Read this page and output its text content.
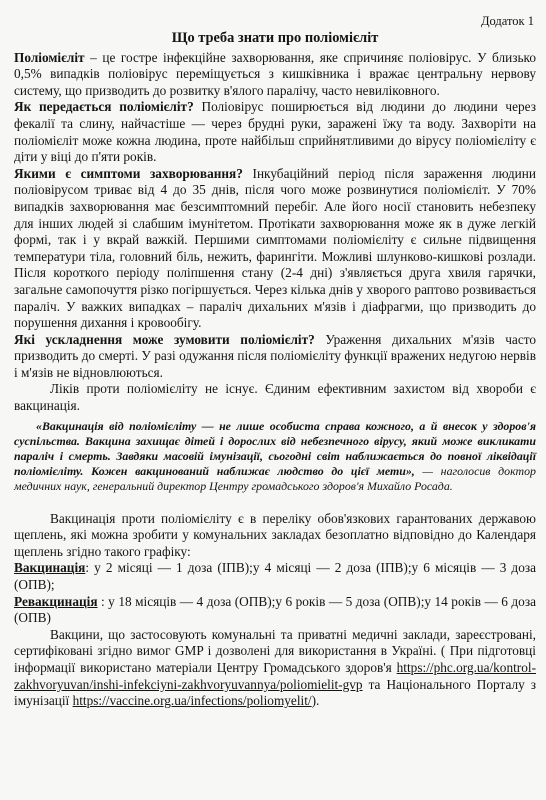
Додаток 1
Що треба знати про поліомієліт

Поліомієліт – це гостре інфекційне захворювання, яке спричиняє поліовірус. У близько 0,5% випадків поліовірус переміщується з кишківника і вражає центральну нервову систему, що призводить до розвитку в'ялого паралічу, часто невиліковного.

Як передається поліомієліт? Поліовірус поширюється від людини до людини через фекалії та слину, найчастіше — через брудні руки, заражені їжу та воду. Захворіти на поліомієліт може кожна людина, проте найбільш сприйнятливими до вірусу поліомієліту є діти у віці до п'яти років.

Якими є симптоми захворювання? Інкубаційний період після зараження людини поліовірусом триває від 4 до 35 днів, після чого може розвинутися поліомієліт. У 70% випадків захворювання має безсимптомний перебіг. Але його носії становить небезпеку для інших людей зі слабшим імунітетом. Протікати захворювання може як в дуже легкій формі, так і у вкрай важкій. Першими симптомами поліомієліту є сильне підвищення температури тіла, головний біль, нежить, фарингіти. Можливі шлунково-кишкові розлади. Після короткого періоду поліпшення стану (2-4 дні) з'являється друга хвиля гарячки, загальне самопочуття різко погіршується. Через кілька днів у хворого раптово розвивається параліч. У важких випадках – параліч дихальних м'язів і діафрагми, що призводить до порушення дихання і кровообігу.

Які ускладнення може зумовити поліомієліт? Ураження дихальних м'язів часто призводить до смерті. У разі одужання після поліомієліту функції вражених недугою нервів і м'язів не відновлюються.

Ліків проти поліомієліту не існує. Єдиним ефективним захистом від хвороби є вакцинація.

«Вакцинація від поліомієліту — не лише особиста справа кожного, а й внесок у здоров'я суспільства. Вакцина захищає дітей і дорослих від небезпечного вірусу, який може викликати параліч і смерть. Завдяки масовій імунізації, сьогодні світ наближається до повної ліквідації поліомієліту. Кожен вакцинований наближає людство до цієї мети», — наголосив доктор медичних наук, генеральний директор Центру громадського здоров'я Михайло Росада.

Вакцинація проти поліомієліту є в переліку обов'язкових гарантованих державою щеплень, які можна зробити у комунальних закладах безоплатно відповідно до Календаря щеплень згідно такого графіку:

Вакцинація: у 2 місяці — 1 доза (ІПВ);у 4 місяці — 2 доза (ІПВ);у 6 місяців — 3 доза (ОПВ);

Ревакцинація : у 18 місяців — 4 доза (ОПВ);у 6 років — 5 доза (ОПВ);у 14 років — 6 доза (ОПВ)

Вакцини, що застосовують комунальні та приватні медичні заклади, зареєстровані, сертифіковані згідно вимог GMP і дозволені для використання в Україні. ( При підготовці інформації використано матеріали Центру Громадського здоров'я https://phc.org.ua/kontrol-zakhvoryuvan/inshi-infekciyni-zakhvoryuvannya/poliomielit-gvp та Національного Порталу з імунізації https://vaccine.org.ua/infections/poliomyelit/).
